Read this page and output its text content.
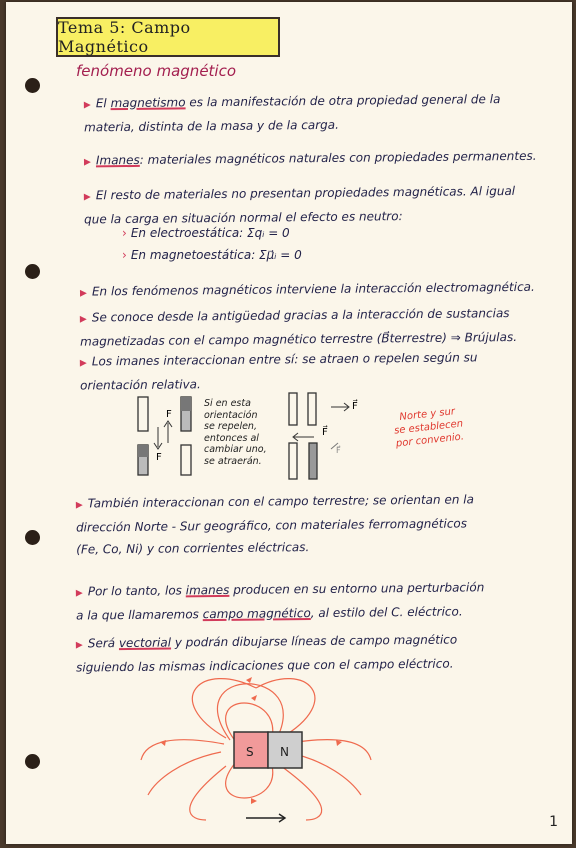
Tema 5: Campo Magnético
fenómeno magnético
▶ El magnetismo es la manifestación de otra propiedad general de la
materia, distinta de la masa y de la carga.
▶ Imanes: materiales magnéticos naturales con propiedades permanentes.
▶ El resto de materiales no presentan propiedades magnéticas. Al igual
que la carga en situación normal el efecto es neutro:
› En electroestática: Σqᵢ = 0
› En magnetoestática: Σμ⃗ᵢ = 0
▶ En los fenómenos magnéticos interviene la interacción electromagnética.
▶ Se conoce desde la antigüedad gracias a la interacción de sustancias
magnetizadas con el campo magnético terrestre (B⃗terrestre) ⇒ Brújulas.
▶ Los imanes interaccionan entre sí: se atraen o repelen según su
orientación relativa.
F
F
F⃗
F⃗
F⃗
Si en esta
orientación
se repelen,
entonces al
cambiar uno,
se atraerán.
Norte y sur
se establecen
por convenio.
▶ También interaccionan con el campo terrestre; se orientan en la
dirección Norte - Sur geográfico, con materiales ferromagnéticos
(Fe, Co, Ni) y con corrientes eléctricas.
▶ Por lo tanto, los imanes producen en su entorno una perturbación
a la que llamaremos campo magnético, al estilo del C. eléctrico.
▶ Será vectorial y podrán dibujarse líneas de campo magnético
siguiendo las mismas indicaciones que con el campo eléctrico.
S N
1
